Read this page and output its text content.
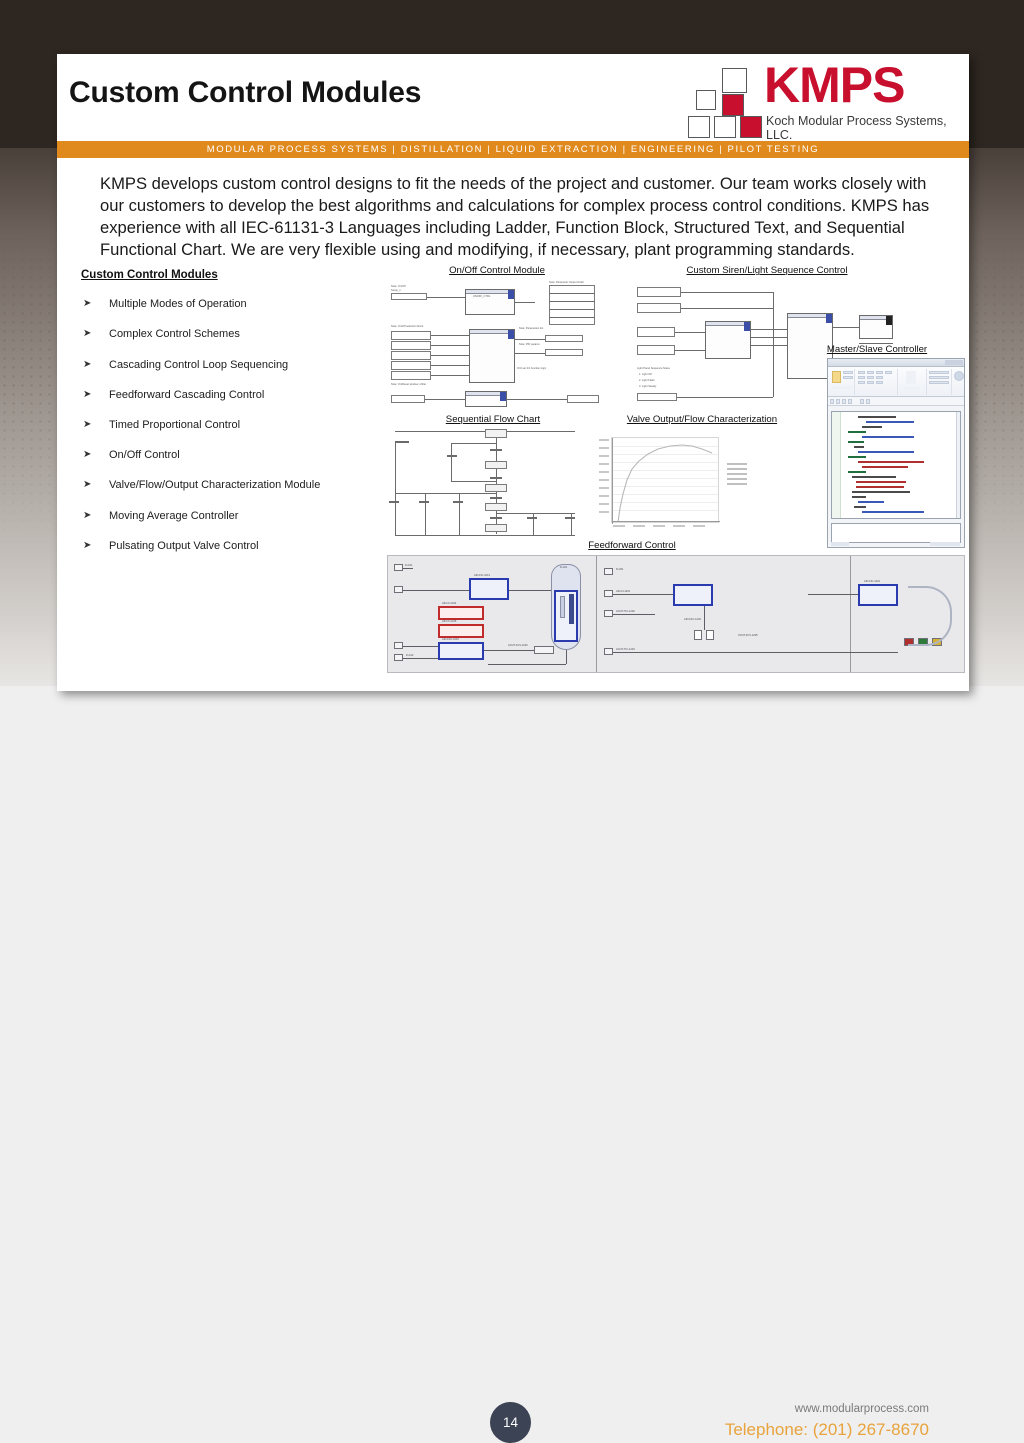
Custom Control Modules	KMPS
Koch Modular Process Systems, LLC.
MODULAR PROCESS SYSTEMS | DISTILLATION | LIQUID EXTRACTION | ENGINEERING | PILOT TESTING

KMPS develops custom control designs to fit the needs of the project and customer. Our team works closely with our customers to develop the best algorithms and calculations for complex process control conditions. KMPS has experience with all IEC-61131-3 Languages including Ladder, Function Block, Structured Text, and Sequential Functional Chart. We are very flexible using and modifying, if necessary, plant programming standards.

Custom Control Modules
➤	Multiple Modes of Operation
➤	Complex Control Schemes
➤	Cascading Control Loop Sequencing
➤	Feedforward Cascading Control
➤	Timed Proportional Control
➤	On/Off Control
➤	Valve/Flow/Output Characterization Module
➤	Moving Average Controller
➤	Pulsating Output Valve Control
On/Off Control Module
Note: On/Off
Setup_1
ONOFF_CTRL
Note: Parameter Output Order
Note: On/Off selection block
Note: Parameters list
Note: PID params
O/O set 2/1 function logic
Note: On/Reset window n-filter
Custom Siren/Light Sequence Control
Light Panel Sequence Notes
1. Light Off
2. Light Flash
3. Light Steady
Master/Slave Controller
Sequential Flow Chart	Valve Output/Flow Characterization
Feedforward Control
FI-101
AIN-FIC-1013
AIN-XI-1014
AIN-XI-1015
AIN-FFC-1016
FI-102
AOUT-FCV-1016
D-104
FI-201
AIN-FI-1201
AOUT-TIC-1202
AIN-FFC-1203
AOUT-TIC-1204
XOUT-FCV-1205
AIN-FIC-1301
14
www.modularprocess.com
Telephone: (201) 267-8670
